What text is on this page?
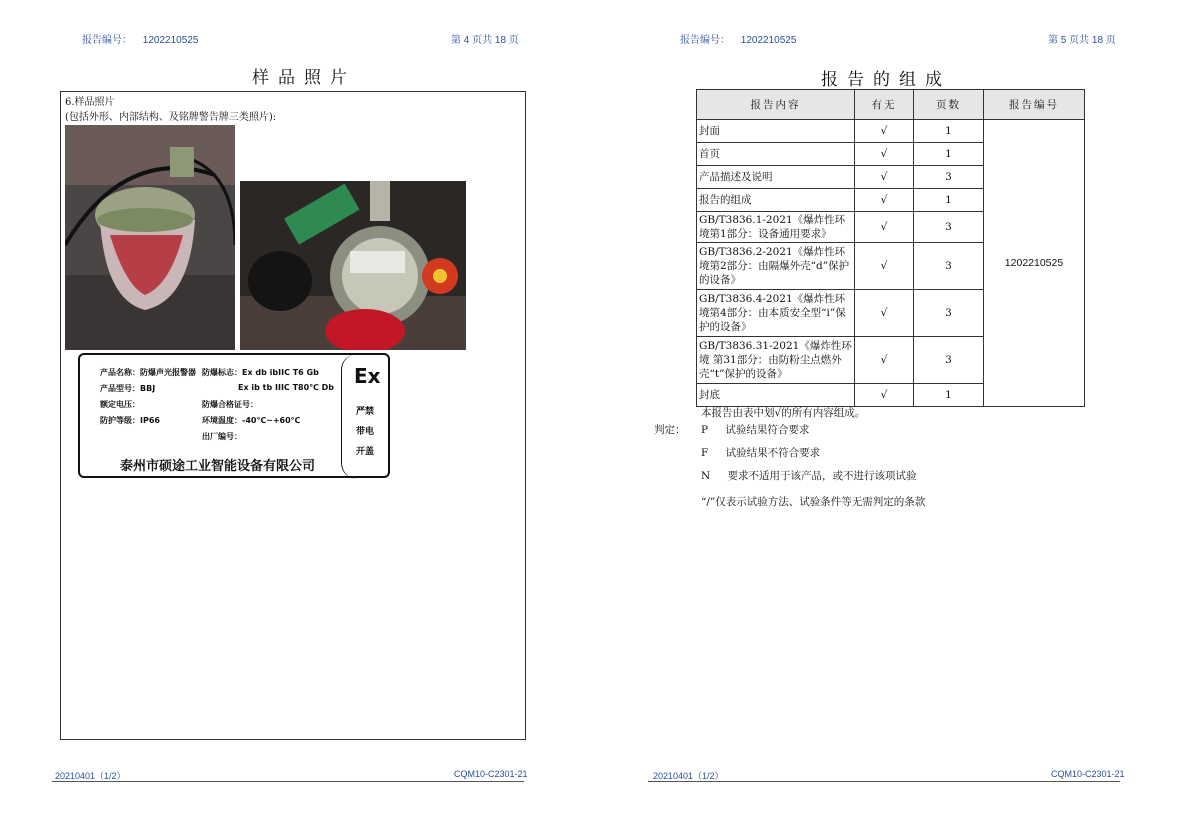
报告编号： 1202210525	第 4 页共 18 页
样品照片
6.样品照片
(包括外形、内部结构、及铭牌警告牌三类照片):
产品名称：防爆声光报警器
产品型号：BBJ
额定电压：
防护等级：IP66
防爆标志：Ex db ibIIC T6 Gb
Ex ib tb IIIC T80℃ Db
防爆合格证号：
环境温度：-40℃~+60℃
出厂编号：
泰州市硕途工业智能设备有限公司
Ex
严禁
带电
开盖
20210401（1/2）	CQM10-C2301-21
报告编号： 1202210525	第 5 页共 18 页
报告的组成
报告内容	有无	页数	报告编号
封面	√	1	1202210525
首页	√	1	
产品描述及说明	√	3	
报告的组成	√	1	
GB/T3836.1-2021《爆炸性环境第1部分：设备通用要求》	√	3	
GB/T3836.2-2021《爆炸性环境第2部分：由隔爆外壳“d”保护的设备》	√	3	
GB/T3836.4-2021《爆炸性环境第4部分：由本质安全型“i”保护的设备》	√	3	
GB/T3836.31-2021《爆炸性环境 第31部分：由防粉尘点燃外壳“t”保护的设备》	√	3	
封底	√	1	
本报告由表中划√的所有内容组成。
判定： P 试验结果符合要求
F 试验结果不符合要求
N 要求不适用于该产品，或不进行该项试验
“/”仅表示试验方法、试验条件等无需判定的条款
20210401（1/2）	CQM10-C2301-21
